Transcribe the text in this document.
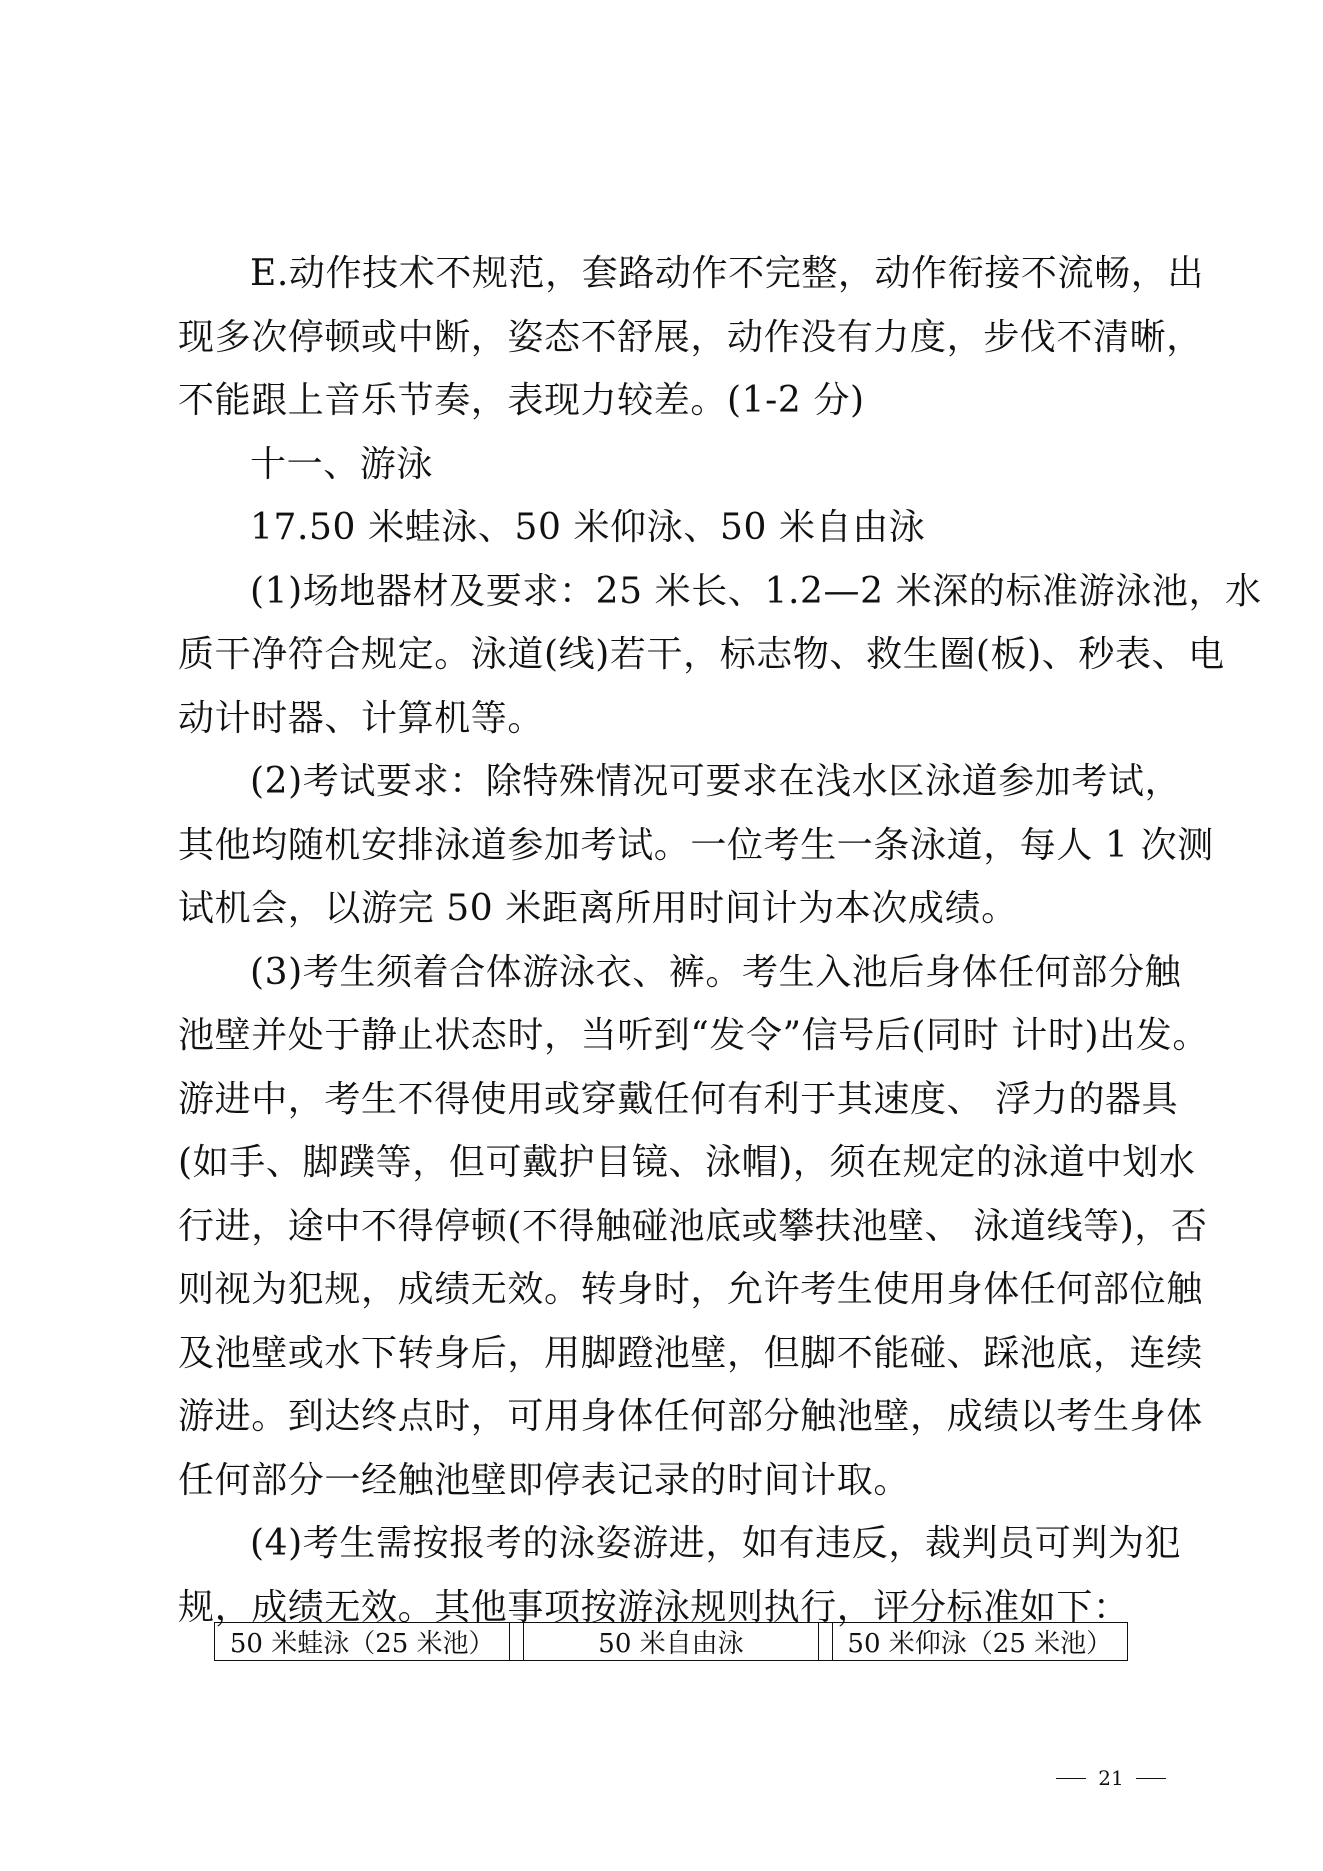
E.动作技术不规范，套路动作不完整，动作衔接不流畅，出
现多次停顿或中断，姿态不舒展，动作没有力度，步伐不清晰，
不能跟上音乐节奏，表现力较差。(1-2 分)
十一、游泳
17.50 米蛙泳、50 米仰泳、50 米自由泳
(1)场地器材及要求：25 米长、1.2—2 米深的标准游泳池，水
质干净符合规定。泳道(线)若干，标志物、救生圈(板)、秒表、电
动计时器、计算机等。
(2)考试要求：除特殊情况可要求在浅水区泳道参加考试，
其他均随机安排泳道参加考试。一位考生一条泳道，每人 1 次测
试机会，以游完 50 米距离所用时间计为本次成绩。
(3)考生须着合体游泳衣、裤。考生入池后身体任何部分触
池壁并处于静止状态时，当听到“发令”信号后(同时 计时)出发。
游进中，考生不得使用或穿戴任何有利于其速度、 浮力的器具
(如手、脚蹼等，但可戴护目镜、泳帽)，须在规定的泳道中划水
行进，途中不得停顿(不得触碰池底或攀扶池壁、 泳道线等)，否
则视为犯规，成绩无效。转身时，允许考生使用身体任何部位触
及池壁或水下转身后，用脚蹬池壁，但脚不能碰、踩池底，连续
游进。到达终点时，可用身体任何部分触池壁，成绩以考生身体
任何部分一经触池壁即停表记录的时间计取。
(4)考生需按报考的泳姿游进，如有违反，裁判员可判为犯
规，成绩无效。其他事项按游泳规则执行，评分标准如下：
50 米蛙泳（25 米池）		50 米自由泳		50 米仰泳（25 米池）
21
